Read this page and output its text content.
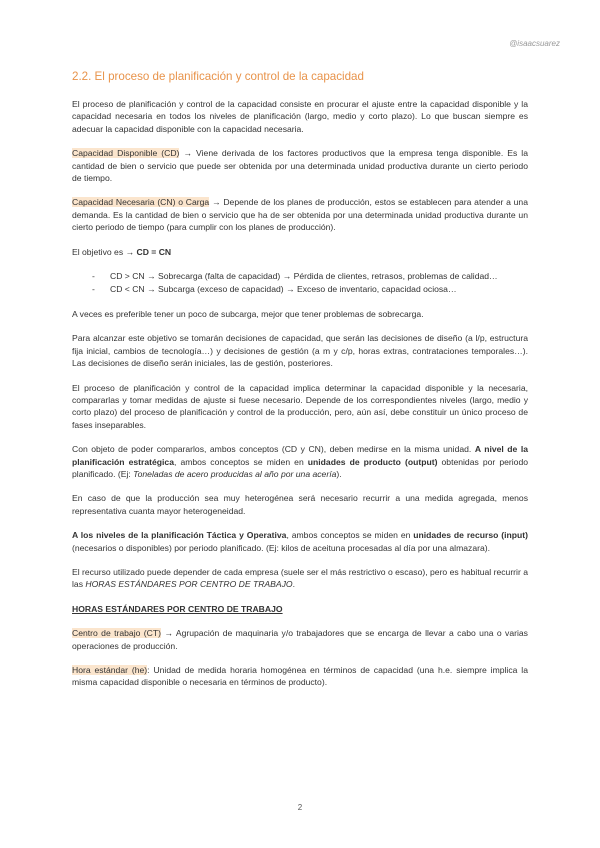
@isaacsuarez
2.2. El proceso de planificación y control de la capacidad

El proceso de planificación y control de la capacidad consiste en procurar el ajuste entre la capacidad disponible y la capacidad necesaria en todos los niveles de planificación (largo, medio y corto plazo). Lo que buscan siempre es adecuar la capacidad disponible con la capacidad necesaria.

Capacidad Disponible (CD) → Viene derivada de los factores productivos que la empresa tenga disponible. Es la cantidad de bien o servicio que puede ser obtenida por una determinada unidad productiva durante un cierto periodo de tiempo.

Capacidad Necesaria (CN) o Carga → Depende de los planes de producción, estos se establecen para atender a una demanda. Es la cantidad de bien o servicio que ha de ser obtenida por una determinada unidad productiva durante un cierto periodo de tiempo (para cumplir con los planes de producción).

El objetivo es → CD = CN

- CD > CN → Sobrecarga (falta de capacidad) → Pérdida de clientes, retrasos, problemas de calidad…
- CD < CN → Subcarga (exceso de capacidad) → Exceso de inventario, capacidad ociosa…

A veces es preferible tener un poco de subcarga, mejor que tener problemas de sobrecarga.

Para alcanzar este objetivo se tomarán decisiones de capacidad, que serán las decisiones de diseño (a l/p, estructura fija inicial, cambios de tecnología…) y decisiones de gestión (a m y c/p, horas extras, contrataciones temporales…). Las decisiones de diseño serán iniciales, las de gestión, posteriores.

El proceso de planificación y control de la capacidad implica determinar la capacidad disponible y la necesaria, compararlas y tomar medidas de ajuste si fuese necesario. Depende de los correspondientes niveles (largo, medio y corto plazo) del proceso de planificación y control de la producción, pero, aún así, debe constituir un único proceso de fases inseparables.

Con objeto de poder compararlos, ambos conceptos (CD y CN), deben medirse en la misma unidad. A nivel de la planificación estratégica, ambos conceptos se miden en unidades de producto (output) obtenidas por periodo planificado. (Ej: Toneladas de acero producidas al año por una acería).

En caso de que la producción sea muy heterogénea será necesario recurrir a una medida agregada, menos representativa cuanta mayor heterogeneidad.

A los niveles de la planificación Táctica y Operativa, ambos conceptos se miden en unidades de recurso (input) (necesarios o disponibles) por periodo planificado. (Ej: kilos de aceituna procesadas al día por una almazara).

El recurso utilizado puede depender de cada empresa (suele ser el más restrictivo o escaso), pero es habitual recurrir a las HORAS ESTÁNDARES POR CENTRO DE TRABAJO.

HORAS ESTÁNDARES POR CENTRO DE TRABAJO

Centro de trabajo (CT) → Agrupación de maquinaria y/o trabajadores que se encarga de llevar a cabo una o varias operaciones de producción.

Hora estándar (he): Unidad de medida horaria homogénea en términos de capacidad (una h.e. siempre implica la misma capacidad disponible o necesaria en términos de producto).

2
